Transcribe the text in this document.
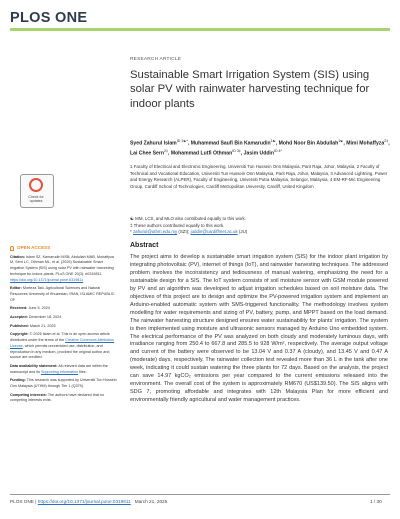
PLOS ONE
RESEARCH ARTICLE
Sustainable Smart Irrigation System (SIS) using solar PV with rainwater harvesting technique for indoor plants
Syed Zahurul Islam$^{ID 1☯*}$, Muhammad Saufi Bin Kamarudin$^{1☯}$, Mohd Noor Bin Abdullah$^{1☯}$, Mimi Mohaffyza$^{2\ddagger}$, Lai Chee Sern$^{2\ddagger}$, Mohammad Lutfi Othman$^{ID 3\ddagger}$, Jasim Uddin$^{ID 4*}$
1 Faculty of Electrical and Electronic Engineering, Universiti Tun Hussein Onn Malaysia, Parit Raja, Johor, Malaysia, 2 Faculty of Technical and Vocational Education, Universiti Tun Hussein Onn Malaysia, Parit Raja, Johor, Malaysia, 3 Advanced Lightning, Power and Energy Research (ALPER), Faculty of Engineering, Universiti Putra Malaysia, Selangor, Malaysia, 4 EM-RF-Mic Engineering Group, Cardiff School of Technologies, Cardiff Metropolitan University, Cardiff, United Kingdom
☯ MM, LCS, and MLO also contributed equally to this work.
‡ These authors contributed equally to this work.
* zahurul@uthm.edu.my (SZI); juddin@cardiffmet.ac.uk (JU)
Check for updates
OPEN ACCESS
Citation: Islam SZ, Kamarudin MSB, Abdullah MNB, Mohaffyza M, Sern LC, Othman ML, et al. (2025) Sustainable Smart Irrigation System (SIS) using solar PV with rainwater harvesting technique for indoor plants. PLoS ONE 20(3): e0319811. https://doi.org/10.1371/journal.pone.0319811
Editor: Morteza Taki, Agricultural Sciences and Natural Resources University of Khuzestan, IRAN, ISLAMIC REPUBLIC OF
Received: June 5, 2024
Accepted: December 18, 2024
Published: March 21, 2025
Copyright: © 2025 Islam et al. This is an open access article distributed under the terms of the Creative Commons Attribution License, which permits unrestricted use, distribution, and reproduction in any medium, provided the original author and source are credited.
Data availability statement: All relevant data are within the manuscript and its Supporting information files.
Funding: This research was supported by Universiti Tun Hussein Onn Malaysia (UTHM) through Tier 1 (Q375).
Competing interests: The authors have declared that no competing interests exist.
Abstract
The project aims to develop a sustainable smart irrigation system (SIS) for the indoor plant irrigation by integrating photovoltaic (PV), internet of things (IoT), and rainwater harvesting techniques. The addressed problem involves the inconsistency and tediousness of manual watering, emphasizing the need for a sustainable design for a SIS. The IoT system consists of soil moisture sensor with GSM module powered by PV and an algorithm was developed to adjust irrigation schedules based on soil moisture data. The objectives of this project are to design and optimize the PV-powered irrigation system and implement an Arduino-enabled automatic system with SMS-triggered functionality. The methodology involves system modelling for water requirements and sizing of PV, battery, pump, and MPPT based on the load demand. The rainwater harvesting structure designed ensures water sustainability for plants' irrigation. The system is then implemented using moisture and ultrasonic sensors managed by Arduino Uno embedded system. The electrical performance of the PV was analyzed on both cloudy and moderately luminous days, with irradiance ranging from 250.4 to 667.8 and 285.5 to 928 W/m², respectively. The average output voltage and current of the battery were observed to be 13.04 V and 0.37 A (cloudy), and 13.45 V and 0.47 A (moderate) days, respectively. The rainwater collection test revealed more than 36 L in the tank after one week, indicating it could sustain watering the three plants for 72 days. Based on the analysis, the project can save 14.97 kgCO₂ emissions per year compared to the current emissions released into the environment. The overall cost of the system is approximately RM670 (US$139.50). The SIS aligns with SDG 7, promoting affordable and integrates with 12th Malaysia Plan for more efficient and environmentally friendly agricultural and water management practices.
PLOS ONE | https://doi.org/10.1371/journal.pone.0319811 March 21, 2025	1 / 30
